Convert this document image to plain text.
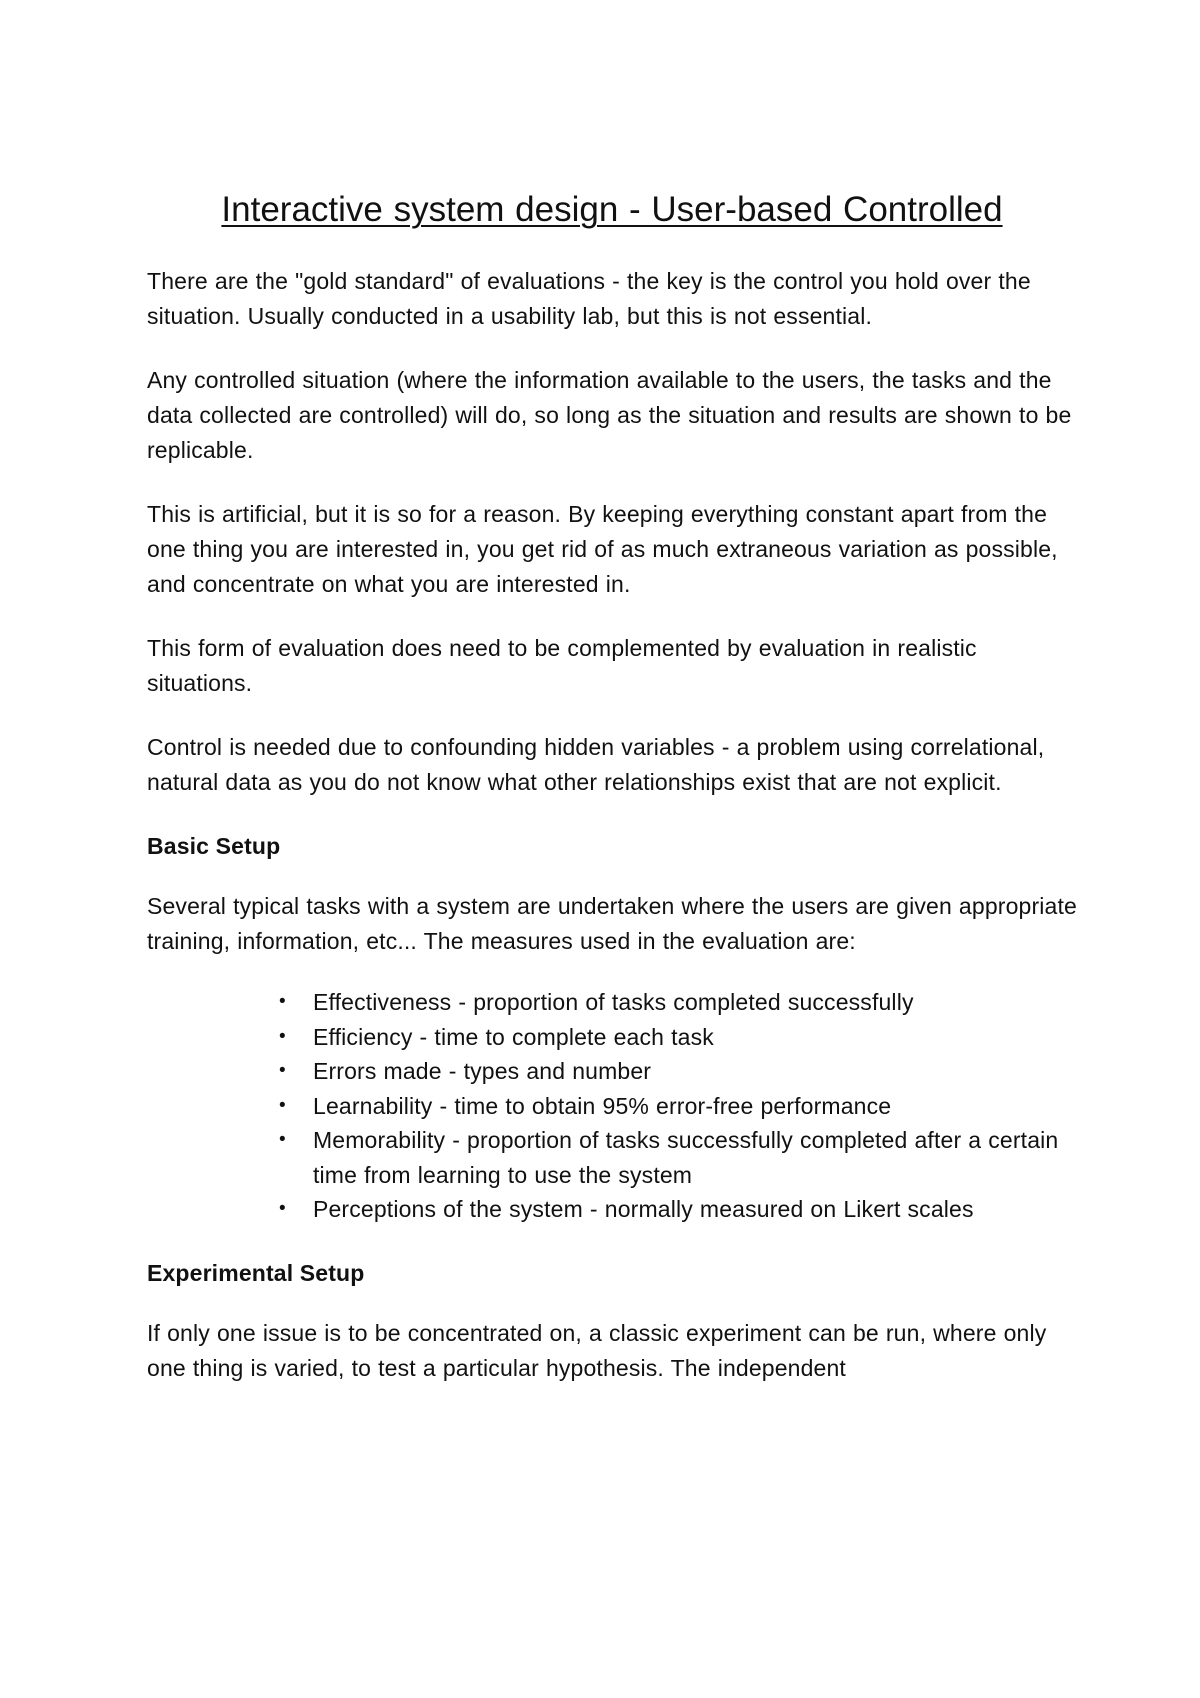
Interactive system design - User-based Controlled

There are the "gold standard" of evaluations - the key is the control you hold over the situation. Usually conducted in a usability lab, but this is not essential.

Any controlled situation (where the information available to the users, the tasks and the data collected are controlled) will do, so long as the situation and results are shown to be replicable.

This is artificial, but it is so for a reason. By keeping everything constant apart from the one thing you are interested in, you get rid of as much extraneous variation as possible, and concentrate on what you are interested in.

This form of evaluation does need to be complemented by evaluation in realistic situations.

Control is needed due to confounding hidden variables - a problem using correlational, natural data as you do not know what other relationships exist that are not explicit.

Basic Setup

Several typical tasks with a system are undertaken where the users are given appropriate training, information, etc... The measures used in the evaluation are:

•	Effectiveness - proportion of tasks completed successfully
•	Efficiency - time to complete each task
•	Errors made - types and number
•	Learnability - time to obtain 95% error-free performance
•	Memorability - proportion of tasks successfully completed after a certain time from learning to use the system
•	Perceptions of the system - normally measured on Likert scales
Experimental Setup

If only one issue is to be concentrated on, a classic experiment can be run, where only one thing is varied, to test a particular hypothesis. The independent
